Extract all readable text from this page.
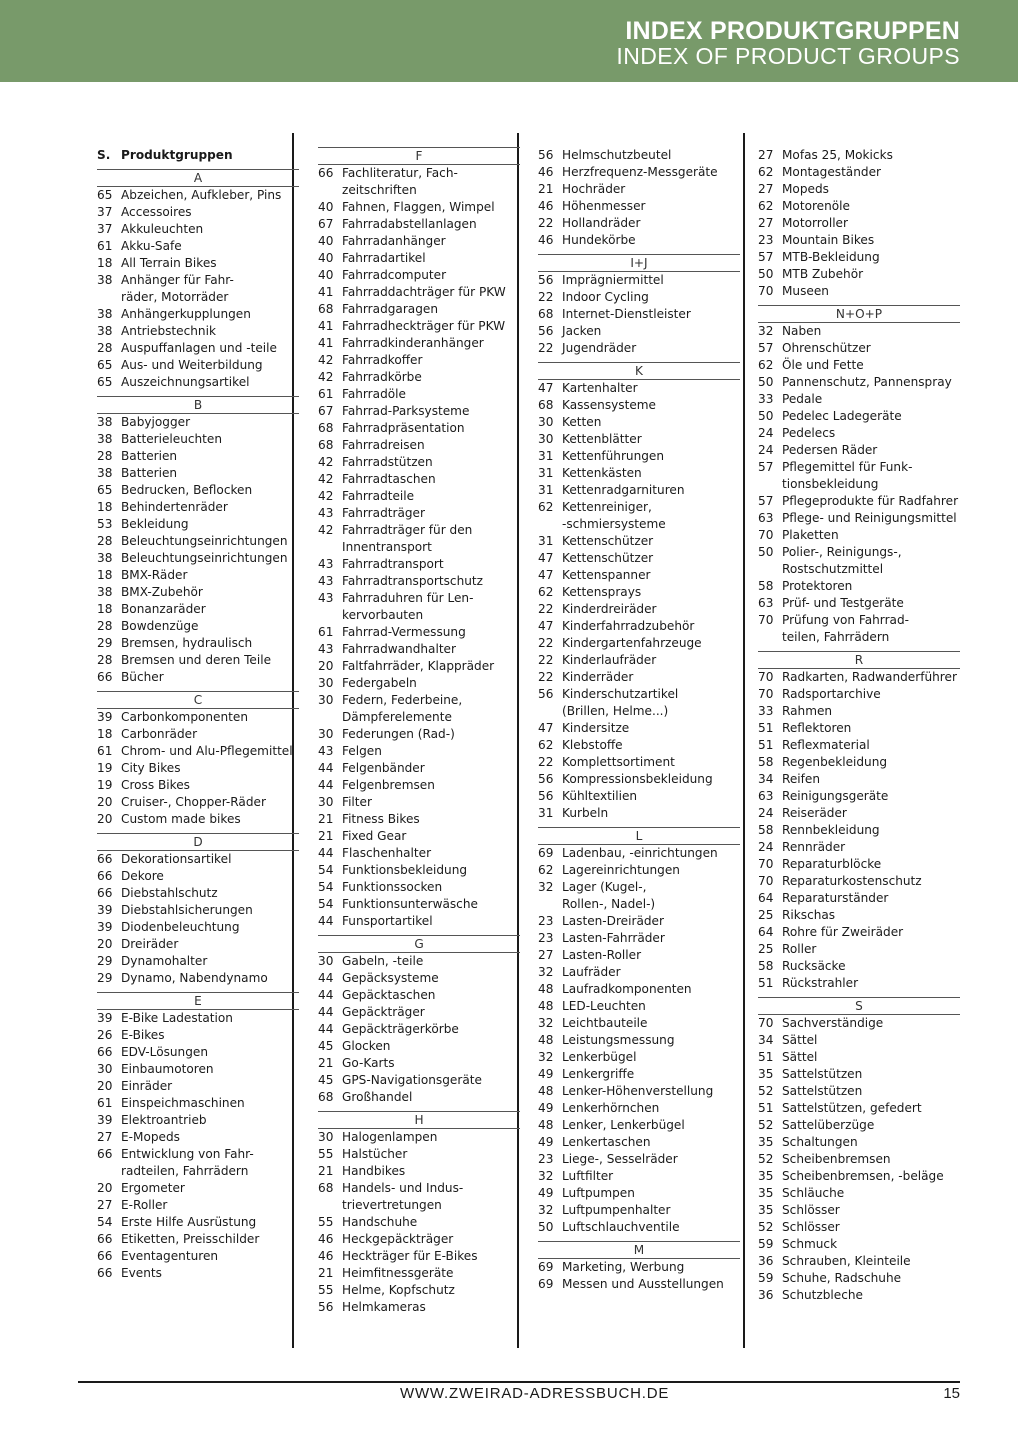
INDEX PRODUKTGRUPPEN
INDEX OF PRODUCT GROUPS
S. Produktgruppen
A
65 Abzeichen, Aufkleber, Pins
37 Accessoires
37 Akkuleuchten
61 Akku-Safe
18 All Terrain Bikes
38 Anhänger für Fahr-
räder, Motorräder
38 Anhängerkupplungen
38 Antriebstechnik
28 Auspuffanlagen und -teile
65 Aus- und Weiterbildung
65 Auszeichnungsartikel
B
38 Babyjogger
38 Batterieleuchten
28 Batterien
38 Batterien
65 Bedrucken, Beflocken
18 Behindertenräder
53 Bekleidung
28 Beleuchtungseinrichtungen
38 Beleuchtungseinrichtungen
18 BMX-Räder
38 BMX-Zubehör
18 Bonanzaräder
28 Bowdenzüge
29 Bremsen, hydraulisch
28 Bremsen und deren Teile
66 Bücher
C
39 Carbonkomponenten
18 Carbonräder
61 Chrom- und Alu-Pflegemittel
19 City Bikes
19 Cross Bikes
20 Cruiser-, Chopper-Räder
20 Custom made bikes
D
66 Dekorationsartikel
66 Dekore
66 Diebstahlschutz
39 Diebstahlsicherungen
39 Diodenbeleuchtung
20 Dreiräder
29 Dynamohalter
29 Dynamo, Nabendynamo
E
39 E-Bike Ladestation
26 E-Bikes
66 EDV-Lösungen
30 Einbaumotoren
20 Einräder
61 Einspeichmaschinen
39 Elektroantrieb
27 E-Mopeds
66 Entwicklung von Fahr-
radteilen, Fahrrädern
20 Ergometer
27 E-Roller
54 Erste Hilfe Ausrüstung
66 Etiketten, Preisschilder
66 Eventagenturen
66 Events
F
66 Fachliteratur, Fach-
zeitschriften
40 Fahnen, Flaggen, Wimpel
67 Fahrradabstellanlagen
40 Fahrradanhänger
40 Fahrradartikel
40 Fahrradcomputer
41 Fahrraddachträger für PKW
68 Fahrradgaragen
41 Fahrradheckträger für PKW
41 Fahrradkinderanhänger
42 Fahrradkoffer
42 Fahrradkörbe
61 Fahrradöle
67 Fahrrad-Parksysteme
68 Fahrradpräsentation
68 Fahrradreisen
42 Fahrradstützen
42 Fahrradtaschen
42 Fahrradteile
43 Fahrradträger
42 Fahrradträger für den
Innentransport
43 Fahrradtransport
43 Fahrradtransportschutz
43 Fahrraduhren für Len-
kervorbauten
61 Fahrrad-Vermessung
43 Fahrradwandhalter
20 Faltfahrräder, Klappräder
30 Federgabeln
30 Federn, Federbeine,
Dämpferelemente
30 Federungen (Rad-)
43 Felgen
44 Felgenbänder
44 Felgenbremsen
30 Filter
21 Fitness Bikes
21 Fixed Gear
44 Flaschenhalter
54 Funktionsbekleidung
54 Funktionssocken
54 Funktionsunterwäsche
44 Funsportartikel
G
30 Gabeln, -teile
44 Gepäcksysteme
44 Gepäcktaschen
44 Gepäckträger
44 Gepäckträgerkörbe
45 Glocken
21 Go-Karts
45 GPS-Navigationsgeräte
68 Großhandel
H
30 Halogenlampen
55 Halstücher
21 Handbikes
68 Handels- und Indus-
trievertretungen
55 Handschuhe
46 Heckgepäckträger
46 Heckträger für E-Bikes
21 Heimfitnessgeräte
55 Helme, Kopfschutz
56 Helmkameras
56 Helmschutzbeutel
46 Herzfrequenz-Messgeräte
21 Hochräder
46 Höhenmesser
22 Hollandräder
46 Hundekörbe
I+J
56 Imprägniermittel
22 Indoor Cycling
68 Internet-Dienstleister
56 Jacken
22 Jugendräder
K
47 Kartenhalter
68 Kassensysteme
30 Ketten
30 Kettenblätter
31 Kettenführungen
31 Kettenkästen
31 Kettenradgarnituren
62 Kettenreiniger,
-schmiersysteme
31 Kettenschützer
47 Kettenschützer
47 Kettenspanner
62 Kettensprays
22 Kinderdreiräder
47 Kinderfahrradzubehör
22 Kindergartenfahrzeuge
22 Kinderlaufräder
22 Kinderräder
56 Kinderschutzartikel
(Brillen, Helme...)
47 Kindersitze
62 Klebstoffe
22 Komplettsortiment
56 Kompressionsbekleidung
56 Kühltextilien
31 Kurbeln
L
69 Ladenbau, -einrichtungen
62 Lagereinrichtungen
32 Lager (Kugel-,
Rollen-, Nadel-)
23 Lasten-Dreiräder
23 Lasten-Fahrräder
27 Lasten-Roller
32 Laufräder
48 Laufradkomponenten
48 LED-Leuchten
32 Leichtbauteile
48 Leistungsmessung
32 Lenkerbügel
49 Lenkergriffe
48 Lenker-Höhenverstellung
49 Lenkerhörnchen
48 Lenker, Lenkerbügel
49 Lenkertaschen
23 Liege-, Sesselräder
32 Luftfilter
49 Luftpumpen
32 Luftpumpenhalter
50 Luftschlauchventile
M
69 Marketing, Werbung
69 Messen und Ausstellungen
27 Mofas 25, Mokicks
62 Montageständer
27 Mopeds
62 Motorenöle
27 Motorroller
23 Mountain Bikes
57 MTB-Bekleidung
50 MTB Zubehör
70 Museen
N+O+P
32 Naben
57 Ohrenschützer
62 Öle und Fette
50 Pannenschutz, Pannenspray
33 Pedale
50 Pedelec Ladegeräte
24 Pedelecs
24 Pedersen Räder
57 Pflegemittel für Funk-
tionsbekleidung
57 Pflegeprodukte für Radfahrer
63 Pflege- und Reinigungsmittel
70 Plaketten
50 Polier-, Reinigungs-,
Rostschutzmittel
58 Protektoren
63 Prüf- und Testgeräte
70 Prüfung von Fahrrad-
teilen, Fahrrädern
R
70 Radkarten, Radwanderführer
70 Radsportarchive
33 Rahmen
51 Reflektoren
51 Reflexmaterial
58 Regenbekleidung
34 Reifen
63 Reinigungsgeräte
24 Reiseräder
58 Rennbekleidung
24 Rennräder
70 Reparaturblöcke
70 Reparaturkostenschutz
64 Reparaturständer
25 Rikschas
64 Rohre für Zweiräder
25 Roller
58 Rucksäcke
51 Rückstrahler
S
70 Sachverständige
34 Sättel
51 Sättel
35 Sattelstützen
52 Sattelstützen
51 Sattelstützen, gefedert
52 Sattelüberzüge
35 Schaltungen
52 Scheibenbremsen
35 Scheibenbremsen, -beläge
35 Schläuche
35 Schlösser
52 Schlösser
59 Schmuck
36 Schrauben, Kleinteile
59 Schuhe, Radschuhe
36 Schutzbleche
WWW.ZWEIRAD-ADRESSBUCH.DE	15
